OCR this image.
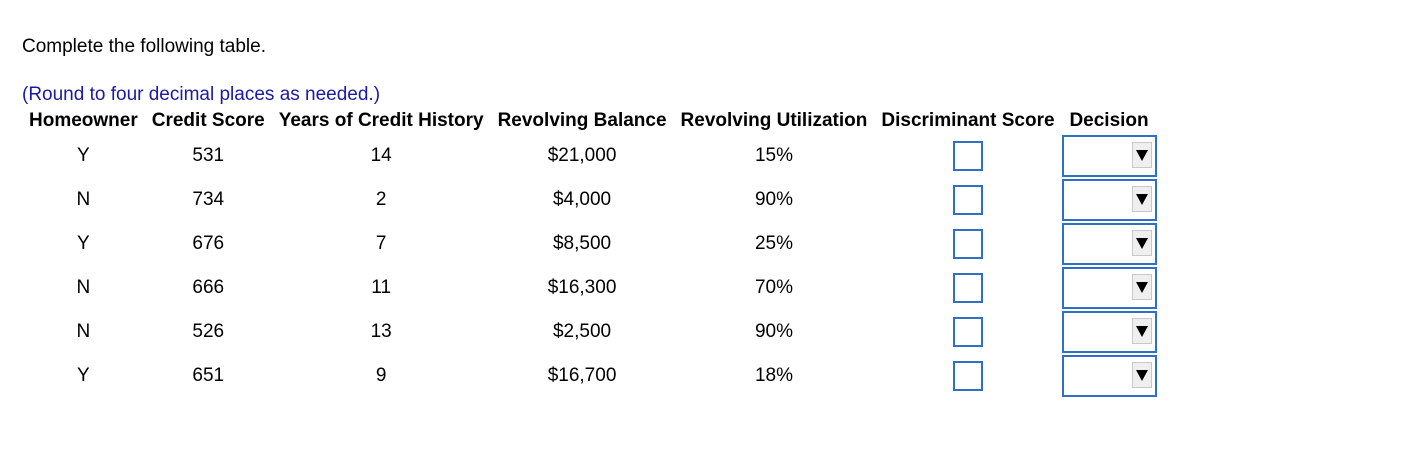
Complete the following table.
(Round to four decimal places as needed.)
Homeowner	Credit Score	Years of Credit History	Revolving Balance	Revolving Utilization	Discriminant Score	Decision
Y	531	14	$21,000	15%		

N	734	2	$4,000	90%		

Y	676	7	$8,500	25%		

N	666	11	$16,300	70%		

N	526	13	$2,500	90%		

Y	651	9	$16,700	18%		
